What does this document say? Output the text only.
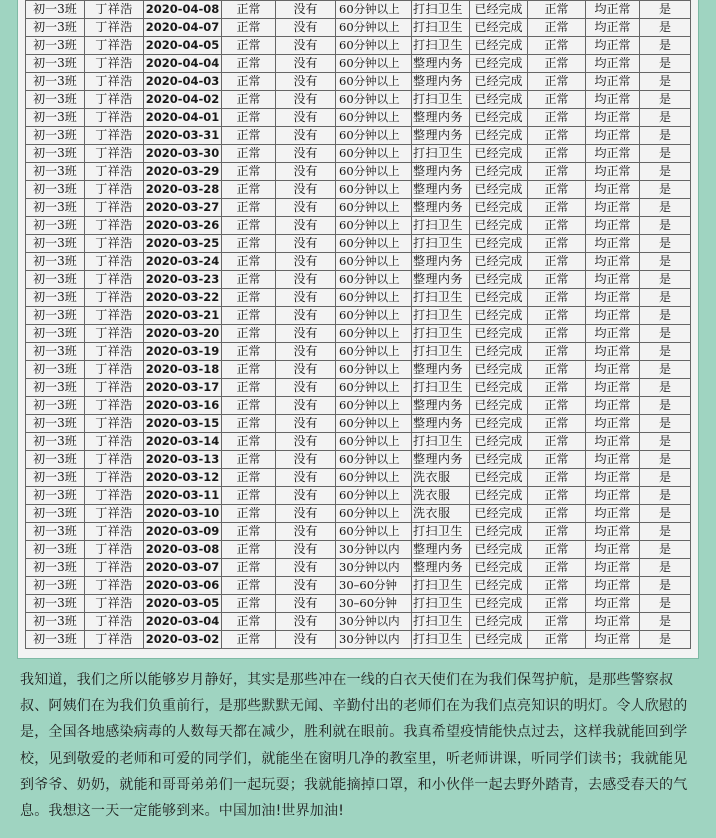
初一3班	丁祥浩	2020-04-08	正常	没有	60分钟以上	打扫卫生	已经完成	正常	均正常	是
初一3班	丁祥浩	2020-04-07	正常	没有	60分钟以上	打扫卫生	已经完成	正常	均正常	是
初一3班	丁祥浩	2020-04-05	正常	没有	60分钟以上	打扫卫生	已经完成	正常	均正常	是
初一3班	丁祥浩	2020-04-04	正常	没有	60分钟以上	整理内务	已经完成	正常	均正常	是
初一3班	丁祥浩	2020-04-03	正常	没有	60分钟以上	整理内务	已经完成	正常	均正常	是
初一3班	丁祥浩	2020-04-02	正常	没有	60分钟以上	打扫卫生	已经完成	正常	均正常	是
初一3班	丁祥浩	2020-04-01	正常	没有	60分钟以上	整理内务	已经完成	正常	均正常	是
初一3班	丁祥浩	2020-03-31	正常	没有	60分钟以上	整理内务	已经完成	正常	均正常	是
初一3班	丁祥浩	2020-03-30	正常	没有	60分钟以上	打扫卫生	已经完成	正常	均正常	是
初一3班	丁祥浩	2020-03-29	正常	没有	60分钟以上	整理内务	已经完成	正常	均正常	是
初一3班	丁祥浩	2020-03-28	正常	没有	60分钟以上	整理内务	已经完成	正常	均正常	是
初一3班	丁祥浩	2020-03-27	正常	没有	60分钟以上	整理内务	已经完成	正常	均正常	是
初一3班	丁祥浩	2020-03-26	正常	没有	60分钟以上	打扫卫生	已经完成	正常	均正常	是
初一3班	丁祥浩	2020-03-25	正常	没有	60分钟以上	打扫卫生	已经完成	正常	均正常	是
初一3班	丁祥浩	2020-03-24	正常	没有	60分钟以上	整理内务	已经完成	正常	均正常	是
初一3班	丁祥浩	2020-03-23	正常	没有	60分钟以上	整理内务	已经完成	正常	均正常	是
初一3班	丁祥浩	2020-03-22	正常	没有	60分钟以上	打扫卫生	已经完成	正常	均正常	是
初一3班	丁祥浩	2020-03-21	正常	没有	60分钟以上	打扫卫生	已经完成	正常	均正常	是
初一3班	丁祥浩	2020-03-20	正常	没有	60分钟以上	打扫卫生	已经完成	正常	均正常	是
初一3班	丁祥浩	2020-03-19	正常	没有	60分钟以上	打扫卫生	已经完成	正常	均正常	是
初一3班	丁祥浩	2020-03-18	正常	没有	60分钟以上	整理内务	已经完成	正常	均正常	是
初一3班	丁祥浩	2020-03-17	正常	没有	60分钟以上	打扫卫生	已经完成	正常	均正常	是
初一3班	丁祥浩	2020-03-16	正常	没有	60分钟以上	整理内务	已经完成	正常	均正常	是
初一3班	丁祥浩	2020-03-15	正常	没有	60分钟以上	整理内务	已经完成	正常	均正常	是
初一3班	丁祥浩	2020-03-14	正常	没有	60分钟以上	打扫卫生	已经完成	正常	均正常	是
初一3班	丁祥浩	2020-03-13	正常	没有	60分钟以上	整理内务	已经完成	正常	均正常	是
初一3班	丁祥浩	2020-03-12	正常	没有	60分钟以上	洗衣服	已经完成	正常	均正常	是
初一3班	丁祥浩	2020-03-11	正常	没有	60分钟以上	洗衣服	已经完成	正常	均正常	是
初一3班	丁祥浩	2020-03-10	正常	没有	60分钟以上	洗衣服	已经完成	正常	均正常	是
初一3班	丁祥浩	2020-03-09	正常	没有	60分钟以上	打扫卫生	已经完成	正常	均正常	是
初一3班	丁祥浩	2020-03-08	正常	没有	30分钟以内	整理内务	已经完成	正常	均正常	是
初一3班	丁祥浩	2020-03-07	正常	没有	30分钟以内	整理内务	已经完成	正常	均正常	是
初一3班	丁祥浩	2020-03-06	正常	没有	30–60分钟	打扫卫生	已经完成	正常	均正常	是
初一3班	丁祥浩	2020-03-05	正常	没有	30–60分钟	打扫卫生	已经完成	正常	均正常	是
初一3班	丁祥浩	2020-03-04	正常	没有	30分钟以内	打扫卫生	已经完成	正常	均正常	是
初一3班	丁祥浩	2020-03-02	正常	没有	30分钟以内	打扫卫生	已经完成	正常	均正常	是
我知道，我们之所以能够岁月静好，其实是那些冲在一线的白衣天使们在为我们保驾护航，是那些警察叔叔、阿姨们在为我们负重前行，是那些默默无闻、辛勤付出的老师们在为我们点亮知识的明灯。令人欣慰的是，全国各地感染病毒的人数每天都在减少，胜利就在眼前。我真希望疫情能快点过去，这样我就能回到学校，见到敬爱的老师和可爱的同学们，就能坐在窗明几净的教室里，听老师讲课，听同学们读书；我就能见到爷爷、奶奶，就能和哥哥弟弟们一起玩耍；我就能摘掉口罩，和小伙伴一起去野外踏青，去感受春天的气息。我想这一天一定能够到来。中国加油!世界加油!
